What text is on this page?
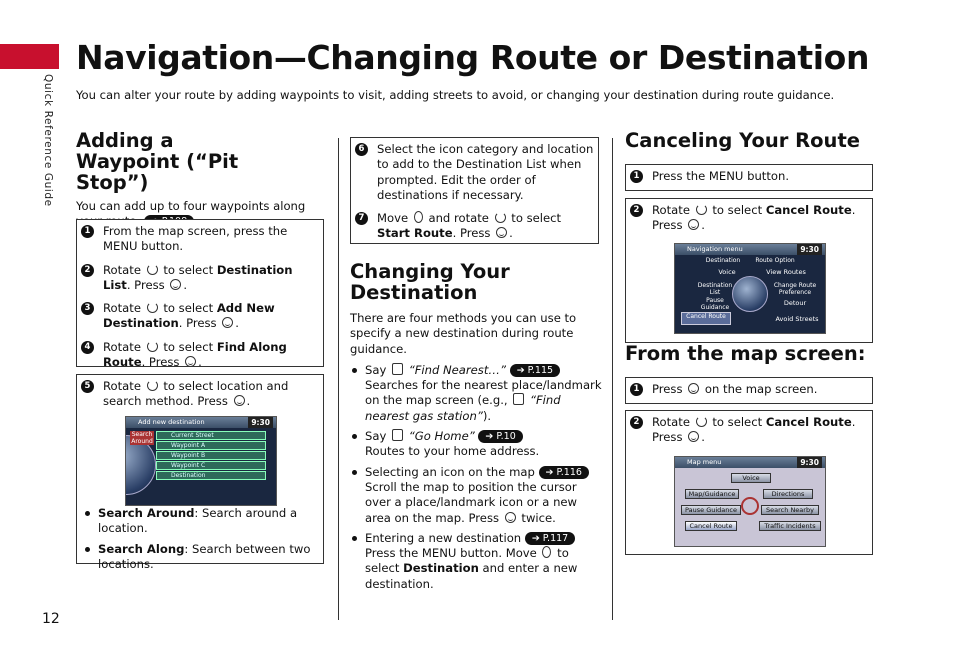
Quick Reference Guide
Navigation—Changing Route or Destination
You can alter your route by adding waypoints to visit, adding streets to avoid, or changing your destination during route guidance.
Adding a Waypoint (“Pit Stop”)
You can add up to four waypoints along
1	From the map screen, press the MENU button.
2	Rotate to select Destination List. Press .
3	Rotate to select Add New Destination. Press .
4	Rotate to select Find Along Route. Press .
5	Rotate to select location and search method. Press .
Add new destination	9:30
Search Around
Current Street
Waypoint A
Waypoint B
Waypoint C
Destination
Search Around: Search around a location.
Search Along: Search between two locations.
6	Select the icon category and location to add to the Destination List when prompted. Edit the order of destinations if necessary.
7	Move and rotate to select Start Route. Press .
Changing Your Destination
There are four methods you can use to specify a new destination during route guidance.
Say “Find Nearest…” ➔ P.115
Searches for the nearest place/landmark on the map screen (e.g., “Find nearest gas station”).
Say “Go Home” ➔ P.10
Routes to your home address.
Selecting an icon on the map ➔ P.116
Scroll the map to position the cursor over a place/landmark icon or a new area on the map. Press twice.
Entering a new destination ➔ P.117
Press the MENU button. Move to select Destination and enter a new destination.
Canceling Your Route
1	Press the MENU button.
2	Rotate to select Cancel Route. Press .
Navigation menu	9:30
Destination	Route Option
Voice	View Routes
Destination List
Change Route Preference
Pause Guidance
Detour
Cancel Route	Avoid Streets
From the map screen:
1	Press on the map screen.
2	Rotate to select Cancel Route. Press .
Map menu	9:30
Voice
Map/Guidance	Directions
Pause Guidance	Search Nearby
Cancel Route	Traffic Incidents
12
